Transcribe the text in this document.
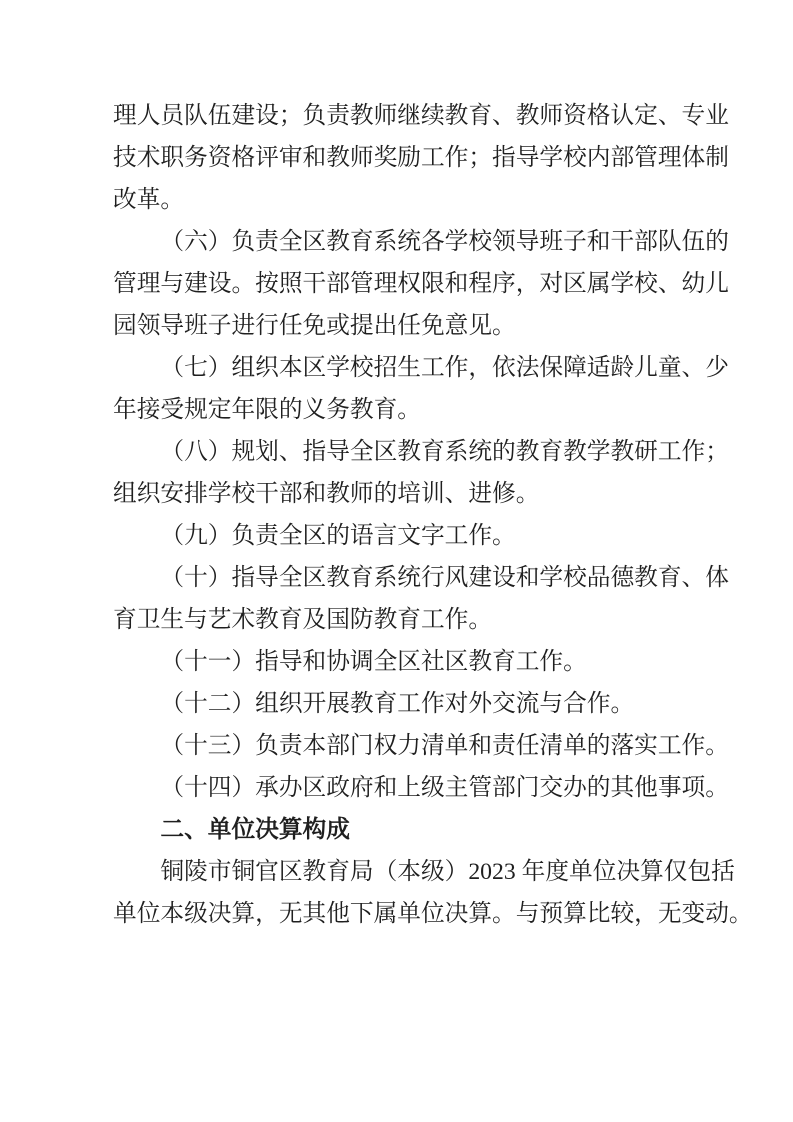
理人员队伍建设；负责教师继续教育、教师资格认定、专业
技术职务资格评审和教师奖励工作；指导学校内部管理体制
改革。
（六）负责全区教育系统各学校领导班子和干部队伍的
管理与建设。按照干部管理权限和程序，对区属学校、幼儿
园领导班子进行任免或提出任免意见。
（七）组织本区学校招生工作，依法保障适龄儿童、少
年接受规定年限的义务教育。
（八）规划、指导全区教育系统的教育教学教研工作；
组织安排学校干部和教师的培训、进修。
（九）负责全区的语言文字工作。
（十）指导全区教育系统行风建设和学校品德教育、体
育卫生与艺术教育及国防教育工作。
（十一）指导和协调全区社区教育工作。
（十二）组织开展教育工作对外交流与合作。
（十三）负责本部门权力清单和责任清单的落实工作。
（十四）承办区政府和上级主管部门交办的其他事项。
二、单位决算构成
铜陵市铜官区教育局（本级）2023 年度单位决算仅包括
单位本级决算，无其他下属单位决算。与预算比较，无变动。
